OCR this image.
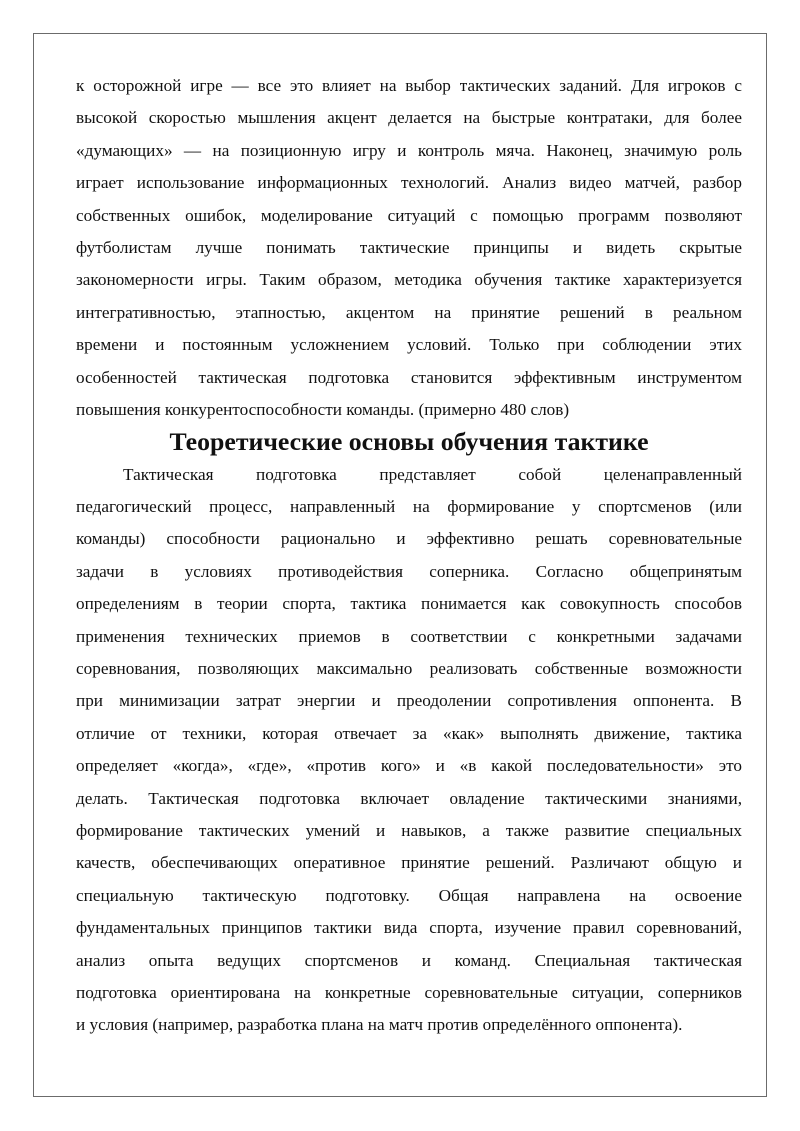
к осторожной игре — все это влияет на выбор тактических заданий. Для игроков с
высокой скоростью мышления акцент делается на быстрые контратаки, для более
«думающих» — на позиционную игру и контроль мяча. Наконец, значимую роль
играет использование информационных технологий. Анализ видео матчей, разбор
собственных ошибок, моделирование ситуаций с помощью программ позволяют
футболистам лучше понимать тактические принципы и видеть скрытые
закономерности игры. Таким образом, методика обучения тактике характеризуется
интегративностью, этапностью, акцентом на принятие решений в реальном
времени и постоянным усложнением условий. Только при соблюдении этих
особенностей тактическая подготовка становится эффективным инструментом
повышения конкурентоспособности команды. (примерно 480 слов)
Теоретические основы обучения тактике
Тактическая подготовка представляет собой целенаправленный
педагогический процесс, направленный на формирование у спортсменов (или
команды) способности рационально и эффективно решать соревновательные
задачи в условиях противодействия соперника. Согласно общепринятым
определениям в теории спорта, тактика понимается как совокупность способов
применения технических приемов в соответствии с конкретными задачами
соревнования, позволяющих максимально реализовать собственные возможности
при минимизации затрат энергии и преодолении сопротивления оппонента. В
отличие от техники, которая отвечает за «как» выполнять движение, тактика
определяет «когда», «где», «против кого» и «в какой последовательности» это
делать. Тактическая подготовка включает овладение тактическими знаниями,
формирование тактических умений и навыков, а также развитие специальных
качеств, обеспечивающих оперативное принятие решений. Различают общую и
специальную тактическую подготовку. Общая направлена на освоение
фундаментальных принципов тактики вида спорта, изучение правил соревнований,
анализ опыта ведущих спортсменов и команд. Специальная тактическая
подготовка ориентирована на конкретные соревновательные ситуации, соперников
и условия (например, разработка плана на матч против определённого оппонента).
